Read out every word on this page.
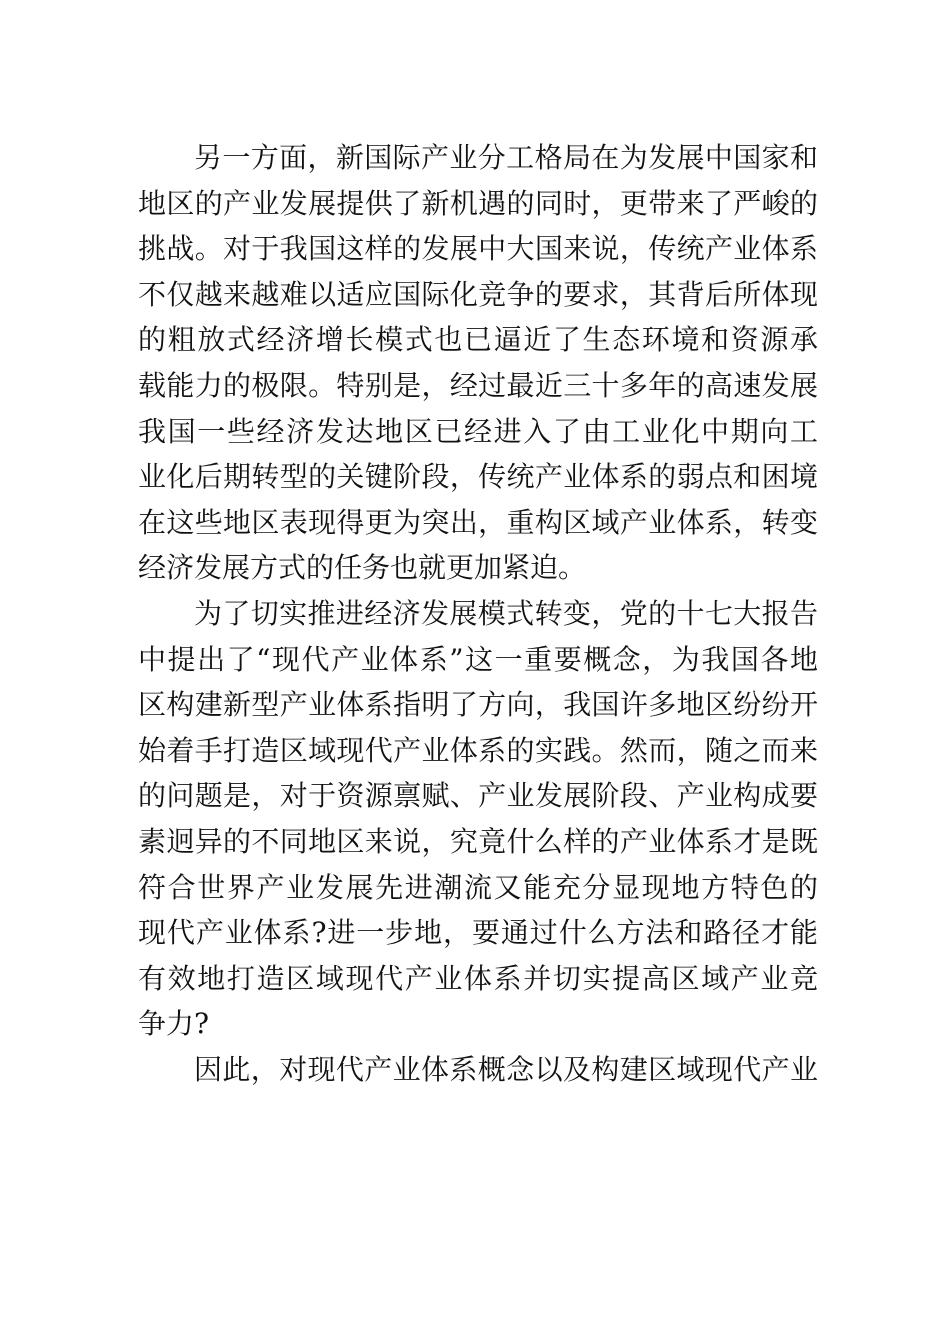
另一方面，新国际产业分工格局在为发展中国家和
地区的产业发展提供了新机遇的同时，更带来了严峻的
挑战。对于我国这样的发展中大国来说，传统产业体系
不仅越来越难以适应国际化竞争的要求，其背后所体现
的粗放式经济增长模式也已逼近了生态环境和资源承
载能力的极限。特别是，经过最近三十多年的高速发展
我国一些经济发达地区已经进入了由工业化中期向工
业化后期转型的关键阶段，传统产业体系的弱点和困境
在这些地区表现得更为突出，重构区域产业体系，转变
经济发展方式的任务也就更加紧迫。
为了切实推进经济发展模式转变，党的十七大报告
中提出了“现代产业体系”这一重要概念，为我国各地
区构建新型产业体系指明了方向，我国许多地区纷纷开
始着手打造区域现代产业体系的实践。然而，随之而来
的问题是，对于资源禀赋、产业发展阶段、产业构成要
素迥异的不同地区来说，究竟什么样的产业体系才是既
符合世界产业发展先进潮流又能充分显现地方特色的
现代产业体系?进一步地，要通过什么方法和路径才能
有效地打造区域现代产业体系并切实提高区域产业竞
争力?
因此，对现代产业体系概念以及构建区域现代产业
